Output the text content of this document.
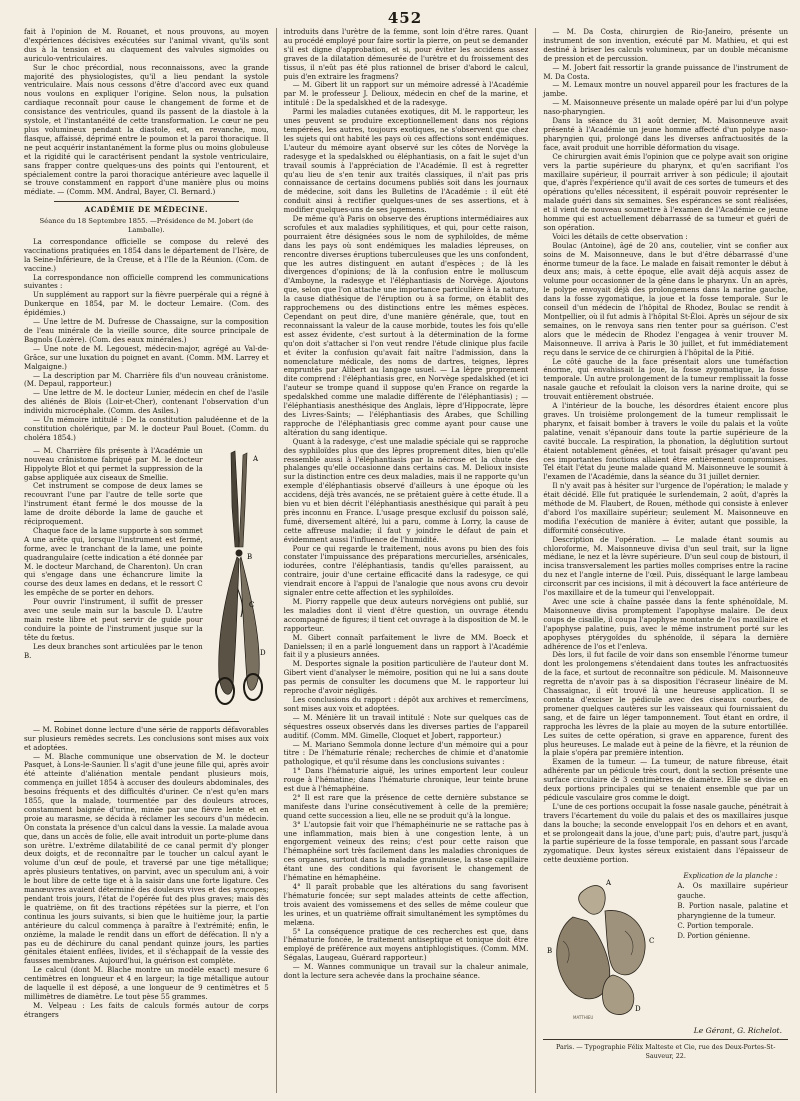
452

fait à l'opinion de M. Rouanet, et nous prouvons, au moyen d'expériences décisives exécutées sur l'animal vivant, qu'ils sont dus à la tension et au claquement des valvules sigmoïdes ou auriculo-ventriculaires.

Sur le choc précordial, nous reconnaissons, avec la grande majorité des physiologistes, qu'il a lieu pendant la systole ventriculaire. Mais nous cessons d'être d'accord avec eux quand nous voulons en expliquer l'origine. Selon nous, la pulsation cardiaque reconnaît pour cause le changement de forme et de consistance des ventricules, quand ils passent de la diastole à la systole, et l'instantanéité de cette transformation. Le cœur ne peu plus volumineux pendant la diastole, est, en revanche, mou, flasque, affaissé, déprimé entre le poumon et la paroi thoracique. Il ne peut acquérir instantanément la forme plus ou moins globuleuse et la rigidité qui le caractérisent pendant la systole ventriculaire, sans frapper contre quelques-uns des points qui l'entourent, et spécialement contre la paroi thoracique antérieure avec laquelle il se trouve constamment en rapport d'une manière plus ou moins médiate. — (Comm. MM. Andral, Bayer, Cl. Bernard.)

ACADÉMIE DE MÉDECINE.
Séance du 18 Septembre 1855. —Présidence de M. Jobert (de Lamballe).

La correspondance officielle se compose du relevé des vaccinations pratiquées en 1854 dans le département de l'Isère, de la Seine-Inférieure, de la Creuse, et à l'Ile de la Réunion. (Com. de vaccine.)

La correspondance non officielle comprend les communications suivantes :

Un supplément au rapport sur la fièvre puerpérale qui a régné à Dunkerque en 1854, par M. le docteur Lemaire. (Com. des épidémies.)

— Une lettre de M. Dufresse de Chassaigne, sur la composition de l'eau minérale de la vieille source, dite source principale de Bagnols (Lozère). (Com. des eaux minérales.)

— Une note de M. Legouest, médecin-major, agrégé au Val-de-Grâce, sur une luxation du poignet en avant. (Comm. MM. Larrey et Malgaigne.)

— La description par M. Charrière fils d'un nouveau crânistome. (M. Depaul, rapporteur.)

— Une lettre de M. le docteur Lunier, médecin en chef de l'asile des aliénés de Blois (Loir-et-Cher), contenant l'observation d'un individu microcéphale. (Comm. des Asiles.)

— Un mémoire intitulé : De la constitution paludéenne et de la constitution cholérique, par M. le docteur Paul Bouet. (Comm. du choléra 1854.)

— M. Charrière fils présente à l'Académie un nouveau crânistome fabriqué par M. le docteur Hippolyte Blot et qui permet la suppression de la gabse appliquée aux ciseaux de Smellie.

Cet instrument se compose de deux lames se recouvrant l'une par l'autre de telle sorte que l'instrument étant fermé le dos mousse de la lame de droite déborde la lame de gauche et réciproquement.

Chaque face de la lame supporte à son sommet A une arête qui, lorsque l'instrument est fermé, forme, avec le tranchant de la lame, une pointe quadrangulaire (cette indication a été donnée par M. le docteur Marchand, de Charenton). Un cran qui s'engage dans une échancrure limite la course des deux lames en dedans, et le ressort C les empêche de se porter en dehors.

Pour ouvrir l'instrument, il suffit de presser avec une seule main sur la bascule D. L'autre main reste libre et peut servir de guide pour conduire la pointe de l'instrument jusque sur la tête du fœtus.

Les deux branches sont articulées par le tenon B.

A
B
C
D

— M. Robinet donne lecture d'une série de rapports défavorables sur plusieurs remèdes secrets. Les conclusions sont mises aux voix et adoptées.

— M. Blache communique une observation de M. le docteur Pasquet, à Lons-le-Saunier. Il s'agit d'une jeune fille qui, après avoir été atteinte d'aliénation mentale pendant plusieurs mois, commença en juillet 1854 à accuser des douleurs abdominales, des besoins fréquents et des difficultés d'uriner. Ce n'est qu'en mars 1855, que la malade, tourmentée par des douleurs atroces, constamment baignée d'urine, minée par une fièvre lente et en proie au marasme, se décida à réclamer les secours d'un médecin. On constata la présence d'un calcul dans la vessie. La malade avoua que, dans un accès de folie, elle avait introduit un porte-plume dans son urètre. L'extrême dilatabilité de ce canal permit d'y plonger deux doigts, et de reconnaître par le toucher un calcul ayant le volume d'un œuf de poule, et traversé par une tige métallique; après plusieurs tentatives, on parvint, avec un speculum ani, à voir le bout libre de cette tige et à la saisir dans une forte ligature. Ces manœuvres avaient déterminé des douleurs vives et des syncopes; pendant trois jours, l'état de l'opérée fut des plus graves; mais dès le quatrième, on fit des tractions répétées sur la pierre, et l'on continua les jours suivants, si bien que le huitième jour, la partie antérieure du calcul commença à paraître à l'extrémité; enfin, le onzième, la malade le rendit dans un effort de défécation. Il n'y a pas eu de déchirure du canal pendant quinze jours, les parties génitales étaient enflées, livides, et il s'échappait de la vessie des fausses membranes. Aujourd'hui, la guérison est complète.

Le calcul (dont M. Blache montre un modèle exact) mesure 6 centimètres en longueur et 4 en largeur; la tige métallique autour de laquelle il est déposé, a une longueur de 9 centimètres et 5 millimètres de diamètre. Le tout pèse 55 grammes.

M. Velpeau : Les faits de calculs formés autour de corps étrangers

introduits dans l'urètre de la femme, sont loin d'être rares. Quant au procédé employé pour faire sortir la pierre, on peut se demander s'il est digne d'approbation, et si, pour éviter les accidens assez graves de la dilatation démesurée de l'urètre et du froissement des tissus, il n'eût pas été plus rationnel de briser d'abord le calcul, puis d'en extraire les fragmens?

— M. Gibert lit un rapport sur un mémoire adressé à l'Académie par M. le professeur J. Delioux, médecin en chef de la marine, et intitulé : De la spedalskhed et de la radesyge.

Parmi les maladies cutanées exotiques, dit M. le rapporteur, les unes peuvent se produire exceptionnellement dans nos régions tempérées, les autres, toujours exotiques, ne s'observent que chez les sujets qui ont habité les pays où ces affections sont endémiques. L'auteur du mémoire ayant observé sur les côtes de Norvège la radesyge et la spedalskhed ou éléphantiasis, on a fait le sujet d'un travail soumis à l'appréciation de l'Académie. Il est à regretter qu'au lieu de s'en tenir aux traités classiques, il n'ait pas pris connaissance de certains documens publiés soit dans les journaux de médecine, soit dans les Bulletins de l'Académie : il eût été conduit ainsi à rectifier quelques-unes de ses assertions, et à modifier quelques-uns de ses jugemens.

De même qu'à Paris on observe des éruptions intermédiaires aux scrofules et aux maladies syphilitiques, et qui, pour cette raison, pourraient être désignées sous le nom de syphiloïdes, de même dans les pays où sont endémiques les maladies lépreuses, on rencontre diverses éruptions tuberculeuses que les uns confondent, que les autres distinguent en autant d'espèces ; de là les divergences d'opinions; de là la confusion entre le molluscum d'Amboyne, la radesyge et l'éléphantiasis de Norvège. Ajoutons que, selon que l'on attache une importance particulière à la nature, la cause diathésique de l'éruption ou à sa forme, on établit des rapprochemens ou des distinctions entre les mêmes espèces. Cependant on peut dire, d'une manière générale, que, tout en reconnaissant la valeur de la cause morbide, toutes les fois qu'elle est assez évidente, c'est surtout à la détermination de la forme qu'on doit s'attacher si l'on veut rendre l'étude clinique plus facile et éviter la confusion qu'avait fait naître l'admission, dans la nomenclature médicale, des noms de dartres, teignes, lèpres empruntés par Alibert au langage usuel. — La lèpre proprement dite comprend : l'éléphantiasis grec, en Norvège spedalskhed (et ici l'auteur se trompe quand il suppose qu'en France on regarde la spedalskhed comme une maladie différente de l'éléphantiasis) ; — l'éléphantiasis anesthésique des Anglais, lèpre d'Hippocrate, lèpre des Livres-Saints; — l'éléphantiasis des Arabes, que Schilling rapproche de l'éléphantiasis grec comme ayant pour cause une altération du sang identique.

Quant à la radesyge, c'est une maladie spéciale qui se rapproche des syphiloïdes plus que des lèpres proprement dites, bien qu'elle ressemble aussi à l'éléphantiasis par la nécrose et la chute des phalanges qu'elle occasionne dans certains cas. M. Delioux insiste sur la distinction entre ces deux maladies, mais il ne rapporte qu'un exemple d'éléphantiasis observé d'ailleurs à une époque où les accidens, déjà très avancés, ne se prêtaient guère à cette étude. Il a bien vu et bien décrit l'éléphantiasis anesthésique qui paraît à peu près inconnu en France. L'usage presque exclusif du poisson salé, fumé, diversement altéré, lui a paru, comme à Lorry, la cause de cette affreuse maladie; il faut y joindre le défaut de pain et évidemment aussi l'influence de l'humidité.

Pour ce qui regarde le traitement, nous avons pu bien des fois constater l'impuissance des préparations mercurielles, arsénicales, iodurées, contre l'éléphantiasis, tandis qu'elles paraissent, au contraire, jouir d'une certaine efficacité dans la radesyge, ce qui viendrait encore à l'appui de l'analogie que nous avons cru devoir signaler entre cette affection et les syphiloïdes.

M. Piorry rappelle que deux auteurs norvégiens ont publié, sur les maladies dont il vient d'être question, un ouvrage étendu accompagné de figures; il tient cet ouvrage à la disposition de M. le rapporteur.

M. Gibert connaît parfaitement le livre de MM. Boeck et Danielssen; il en a parlé longuement dans un rapport à l'Académie fait il y a plusieurs années.

M. Desportes signale la position particulière de l'auteur dont M. Gibert vient d'analyser le mémoire, position qui ne lui a sans doute pas permis de consulter les documens que M. le rapporteur lui reproche d'avoir négligés.

Les conclusions du rapport : dépôt aux archives et remercîmens, sont mises aux voix et adoptées.

— M. Ménière lit un travail intitulé : Note sur quelques cas de séquestres osseux observés dans les diverses parties de l'appareil auditif. (Comm. MM. Gimelle, Cloquet et Jobert, rapporteur.)

— M. Mariano Semmola donne lecture d'un mémoire qui a pour titre : De l'hématurie rénale; recherches de chimie et d'anatomie pathologique, et qu'il résume dans les conclusions suivantes :

1° Dans l'hématurie aiguë, les urines emportent leur couleur rouge à l'hématine; dans l'hématurie chronique, leur teinte brune est due à l'hémaphéine.

2° Il est rare que la présence de cette dernière substance se manifeste dans l'urine consécutivement à celle de la première; quand cette succession a lieu, elle ne se produit qu'à la longue.

3° L'autopsie fait voir que l'hémaphéinurie ne se rattache pas à une inflammation, mais bien à une congestion lente, à un engorgement veineux des reins; c'est pour cette raison que l'hémaphéine sort très facilement dans les maladies chroniques de ces organes, surtout dans la maladie granuleuse, la stase capillaire étant une des conditions qui favorisent le changement de l'hématine en hémaphéine.

4° Il paraît probable que les altérations du sang favorisent l'hématurie foncée; sur sept malades atteints de cette affection, trois avaient des vomissemens et des selles de même couleur que les urines, et un quatrième offrait simultanément les symptômes du melæna.

5° La conséquence pratique de ces recherches est que, dans l'hématurie foncée, le traitement antiseptique et tonique doit être employé de préférence aux moyens antiphlogistiques. (Comm. MM. Ségalas, Laugeau, Guérard rapporteur.)

— M. Wannes communique un travail sur la chaleur animale, dont la lecture sera achevée dans la prochaine séance.

— M. Da Costa, chirurgien de Rio-Janeiro, présente un instrument de son invention, exécuté par M. Mathieu, et qui est destiné à briser les calculs volumineux, par un double mécanisme de pression et de percussion.

— M. Jobert fait ressortir la grande puissance de l'instrument de M. Da Costa.

— M. Lemaux montre un nouvel appareil pour les fractures de la jambe.

— M. Maisonneuve présente un malade opéré par lui d'un polype naso-pharyngien.

Dans la séance du 31 août dernier, M. Maisonneuve avait présenté à l'Académie un jeune homme affecté d'un polype naso-pharyngien qui, prolongé dans les diverses anfractuosités de la face, avait produit une horrible déformation du visage.

Ce chirurgien avait émis l'opinion que ce polype avait son origine vers la partie supérieure du pharynx, et qu'en sacrifiant l'os maxillaire supérieur, il pourrait arriver à son pédicule; il ajoutait que, d'après l'expérience qu'il avait de ces sortes de tumeurs et des opérations qu'elles nécessitent, il espérait pouvoir représenter le malade guéri dans six semaines. Ses espérances se sont réalisées, et il vient de nouveau soumettre à l'examen de l'Académie ce jeune homme qui est actuellement débarrassé de sa tumeur et guéri de son opération.

Voici les détails de cette observation :

Boulac (Antoine), âgé de 20 ans, coutelier, vint se confier aux soins de M. Maisonneuve, dans le but d'être débarrassé d'une énorme tumeur de la face. Le malade en faisait remonter le début à deux ans; mais, à cette époque, elle avait déjà acquis assez de volume pour occasionner de la gêne dans le pharynx. Un an après, le polype envoyait déjà des prolongemens dans la narine gauche, dans la fosse zygomatique, la joue et la fosse temporale. Sur le conseil d'un médecin de l'hôpital de Rhodez, Boulac se rendit à Montpellier, où il fut admis à l'hôpital St-Éloi. Après un séjour de six semaines, on le renvoya sans rien tenter pour sa guérison. C'est alors que le médecin de Rhodez l'engagea à venir trouver M. Maisonneuve. Il arriva à Paris le 30 juillet, et fut immédiatement reçu dans le service de ce chirurgien à l'hôpital de la Pitié.

Le côté gauche de la face présentait alors une tuméfaction énorme, qui envahissait la joue, la fosse zygomatique, la fosse temporale. Un autre prolongement de la tumeur remplissait la fosse nasale gauche et refoulait la cloison vers la narine droite, qui se trouvait entièrement obstruée.

A l'intérieur de la bouche, les désordres étaient encore plus graves. Un troisième prolongement de la tumeur remplissait le pharynx, et faisait bomber à travers le voile du palais et la voûte palatine, venait s'épanouir dans toute la partie supérieure de la cavité buccale. La respiration, la phonation, la déglutition surtout étaient notablement gênées, et tout faisait présager qu'avant peu ces importantes fonctions allaient être entièrement compromises. Tel était l'état du jeune malade quand M. Maisonneuve le soumit à l'examen de l'Académie, dans la séance du 31 juillet dernier.

Il n'y avait pas à hésiter sur l'urgence de l'opération; le malade y était décidé. Elle fut pratiquée le surlendemain, 2 août, d'après la méthode de M. Flaubert, de Rouen, méthode qui consiste à enlever d'abord l'os maxillaire supérieur; seulement M. Maisonneuve en modifia l'exécution de manière à éviter, autant que possible, la difformité consécutive.

Description de l'opération. — Le malade étant soumis au chloroforme, M. Maisonneuve divisa d'un seul trait, sur la ligne médiane, le nez et la lèvre supérieure. D'un seul coup de bistouri, il incisa transversalement les parties molles comprises entre la racine du nez et l'angle interne de l'œil. Puis, disséquant le large lambeau circonscrit par ces incisions, il mit à découvert la face antérieure de l'os maxillaire et de la tumeur qui l'enveloppait.

Avec une scie à chaîne passée dans la fente sphénoïdale, M. Maisonneuve divisa promptement l'apophyse malaire. De deux coups de cisaille, il coupa l'apophyse montante de l'os maxillaire et l'apophyse palatine, puis, avec le même instrument porté sur les apophyses ptérygoïdes du sphénoïde, il sépara la dernière adhérence de l'os et l'enleva.

Dès lors, il fut facile de voir dans son ensemble l'énorme tumeur dont les prolongemens s'étendaient dans toutes les anfractuosités de la face, et surtout de reconnaître son pédicule. M. Maisonneuve regretta de n'avoir pas à sa disposition l'écraseur linéaire de M. Chassaignac, il eût trouvé là une heureuse application. Il se contenta d'exciser le pédicule avec des ciseaux courbes, de promener quelques cautères sur les vaisseaux qui fournissaient du sang, et de faire un léger tamponnement. Tout étant en ordre, il rapprocha les lèvres de la plaie au moyen de la suture entortillée. Les suites de cette opération, si grave en apparence, furent des plus heureuses. Le malade eut à peine de la fièvre, et la réunion de la plaie s'opéra par première intention.

Examen de la tumeur. — La tumeur, de nature fibreuse, était adhérente par un pédicule très court, dont la section présente une surface circulaire de 3 centimètres de diamètre. Elle se divise en deux portions principales qui se tenaient ensemble que par un pédicule vasculaire gros comme le doigt.

L'une de ces portions occupait la fosse nasale gauche, pénétrait à travers l'écartement du voile du palais et des os maxillaires jusque dans la bouche; la seconde enveloppait l'os en dehors et en avant, et se prolongeait dans la joue, d'une part; puis, d'autre part, jusqu'à la partie supérieure de la fosse temporale, en passant sous l'arcade zygomatique. Deux kystes séreux existaient dans l'épaisseur de cette deuxième portion.

A
B
C
D
MATTHIEU
Explication de la planche :
A. Os maxillaire supérieur gauche.
B. Portion nasale, palatine et pharyngienne de la tumeur.
C. Portion temporale.
D. Portion génienne.
Le Gérant, G. Richelot.
Paris. — Typographie Félix Malteste et Cie, rue des Deux-Portes-St-Sauveur, 22.
